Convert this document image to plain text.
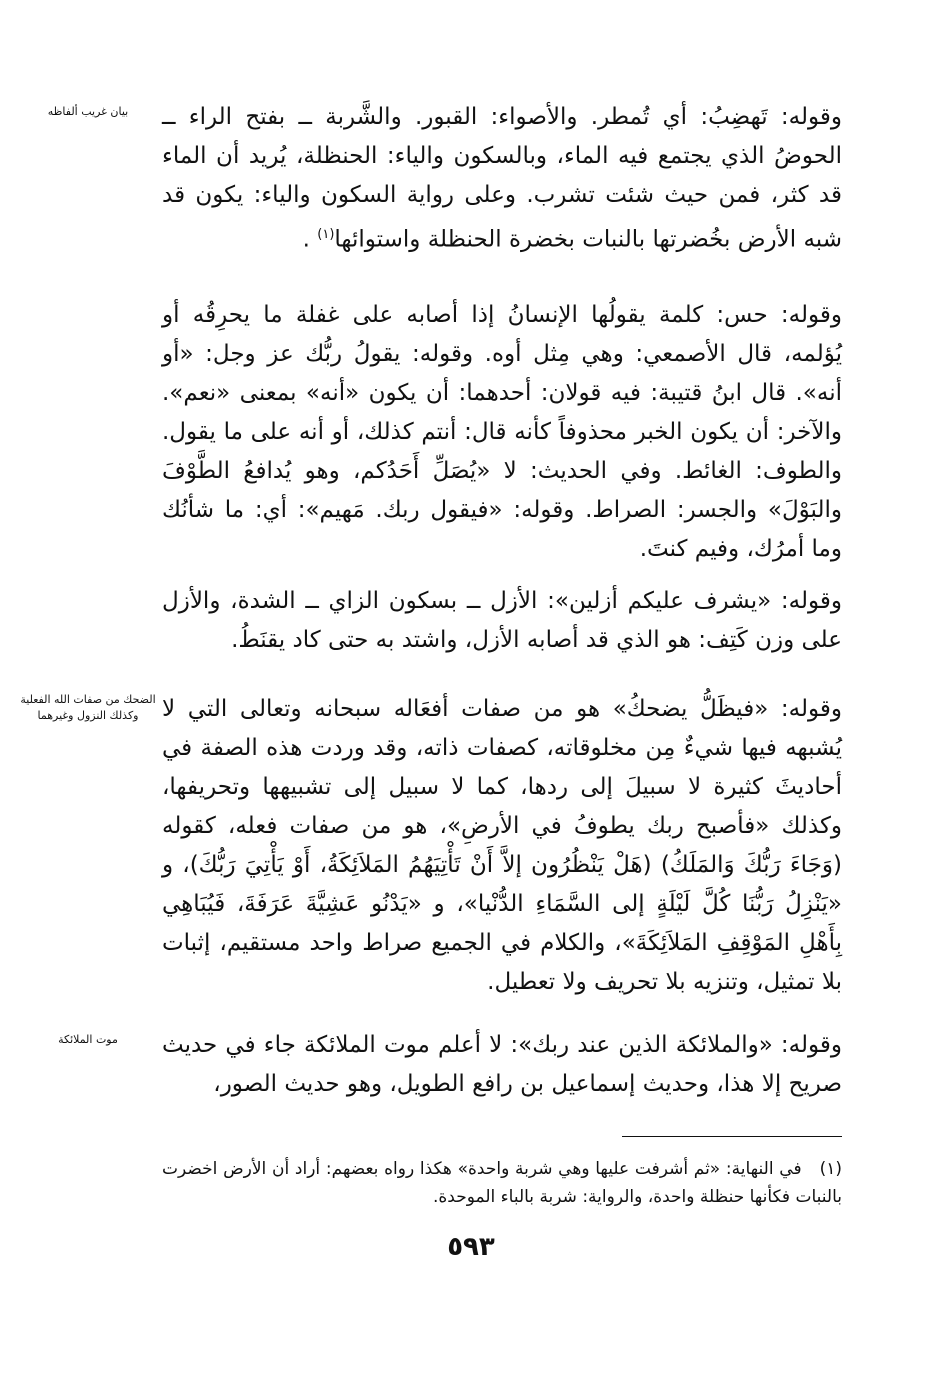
بيان غريب ألفاظه

الضحك من صفات الله الفعلية وكذلك النزول وغيرهما

موت الملائكة

وقوله: تَهضِبُ: أي تُمطر. والأصواء: القبور. والشَّربة ــ بفتح الراء ــ الحوضُ الذي يجتمع فيه الماء، وبالسكون والياء: الحنظلة، يُريد أن الماء قد كثر، فمن حيث شئت تشرب. وعلى رواية السكون والياء: يكون قد شبه الأرض بخُضرتها بالنبات بخضرة الحنظلة واستوائها$^{(١)}$ .

وقوله: حس: كلمة يقولُها الإنسانُ إذا أصابه على غفلة ما يحرِقُه أو يُؤلمه، قال الأصمعي: وهي مِثل أوه. وقوله: يقولُ ربُّك عز وجل: «أو أنه». قال ابنُ قتيبة: فيه قولان: أحدهما: أن يكون «أنه» بمعنى «نعم». والآخر: أن يكون الخبر محذوفاً كأنه قال: أنتم كذلك، أو أنه على ما يقول. والطوف: الغائط. وفي الحديث: لا «يُصَلِّ أَحَدُكم، وهو يُدافعُ الطَّوْفَ والبَوْلَ» والجسر: الصراط. وقوله: «فيقول ربك. مَهيم»: أي: ما شأنُك وما أمرُك، وفيم كنتَ.

وقوله: «يشرف عليكم أزلين»: الأزل ــ بسكون الزاي ــ الشدة، والأزل على وزن كَتِف: هو الذي قد أصابه الأزل، واشتد به حتى كاد يقنَطُ.

وقوله: «فيظَلُّ يضحكُ» هو من صفات أفعَاله سبحانه وتعالى التي لا يُشبهه فيها شيءٌ مِن مخلوقاته، كصفات ذاته، وقد وردت هذه الصفة في أحاديثَ كثيرة لا سبيلَ إلى ردها، كما لا سبيل إلى تشبيهها وتحريفها، وكذلك «فأصبح ربك يطوفُ في الأرضِ»، هو من صفات فعله، كقوله (وَجَاءَ رَبُّكَ وَالمَلَكُ) (هَلْ يَنْظُرُون إلاَّ أَنْ تَأْتِيَهُمُ المَلاَئِكَةُ، أَوْ يَأْتِيَ رَبُّكَ)، و «يَنْزِلُ رَبُّنَا كُلَّ لَيْلَةٍ إلى السَّمَاءِ الدُّنْيا»، و «يَدْنُو عَشِيَّةَ عَرَفَةَ، فَيُبَاهِي بِأَهْلِ المَوْقِفِ المَلاَئِكَةَ»، والكلام في الجميع صراط واحد مستقيم، إثبات بلا تمثيل، وتنزيه بلا تحريف ولا تعطيل.

وقوله: «والملائكة الذين عند ربك»: لا أعلم موت الملائكة جاء في حديث صريح إلا هذا، وحديث إسماعيل بن رافع الطويل، وهو حديث الصور،

(١)في النهاية: «ثم أشرفت عليها وهي شربة واحدة» هكذا رواه بعضهم: أراد أن الأرض اخضرت بالنبات فكأنها حنظلة واحدة، والرواية: شربة بالباء الموحدة.

٥٩٣
